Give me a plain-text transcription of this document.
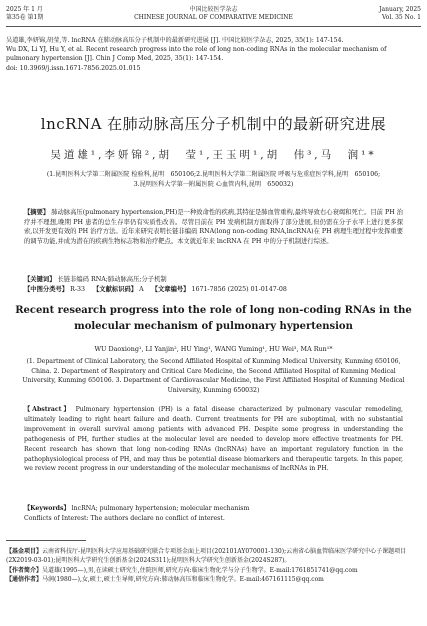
2025 年 1 月
第35卷 第1期
中国比较医学杂志
CHINESE JOURNAL OF COMPARATIVE MEDICINE
January, 2025
Vol. 35 No. 1

吴道雄,李妍锦,胡莹,等. lncRNA 在肺动脉高压分子机制中的最新研究进展 [J]. 中国比较医学杂志, 2025, 35(1): 147-154.

Wu DX, Li YJ, Hu Y, et al. Recent research progress into the role of long non-coding RNAs in the molecular mechanism of pulmonary hypertension [J]. Chin J Comp Med, 2025, 35(1): 147-154.

doi: 10.3969/j.issn.1671-7856.2025.01.015

lncRNA 在肺动脉高压分子机制中的最新研究进展
吴道雄¹,李妍锦²,胡　莹¹,王玉明¹,胡　伟³,马　润¹*
(1.昆明医科大学第二附属医院 检验科,昆明　650106;2.昆明医科大学第二附属医院 呼吸与危重症医学科,昆明　650106;
3.昆明医科大学第一附属医院 心血管内科,昆明　650032)
【摘要】 肺动脉高压(pulmonary hypertension,PH)是一种致命性的疾病,其特征是肺血管重构,最终导致右心衰竭和死亡。目前 PH 治疗并不理想,晚期 PH 患者的总生存率仍有实质性改善。尽管目前在 PH 发病机制方面取得了部分进展,但仍需在分子水平上进行更多探索,以开发更有效的 PH 治疗方法。近年来研究表明长链非编码 RNA(long non-coding RNA,lncRNA)在 PH 病理生理过程中发挥重要的调节功能,并成为潜在的疾病生物标志物和治疗靶点。本文就近年来 lncRNA 在 PH 中的分子机制进行综述。
【关键词】 长链非编码 RNA;肺动脉高压;分子机制
【中图分类号】 R-33 【文献标识码】 A 【文章编号】 1671-7856 (2025) 01-0147-08
Recent research progress into the role of long non-coding RNAs in the molecular mechanism of pulmonary hypertension
WU Daoxiong¹, LI Yanjin², HU Ying¹, WANG Yuming¹, HU Wei³, MA Run¹*
(1. Department of Clinical Laboratory, the Second Affiliated Hospital of Kunming Medical University, Kunming 650106, China. 2. Department of Respiratory and Critical Care Medicine, the Second Affiliated Hospital of Kunming Medical University, Kunming 650106. 3. Department of Cardiovascular Medicine, the First Affiliated Hospital of Kunming Medical University, Kunming 650032)
【Abstract】 Pulmonary hypertension (PH) is a fatal disease characterized by pulmonary vascular remodeling, ultimately leading to right heart failure and death. Current treatments for PH are suboptimal, with no substantial improvement in overall survival among patients with advanced PH. Despite some progress in understanding the pathogenesis of PH, further studies at the molecular level are needed to develop more effective treatments for PH. Recent research has shown that long non-coding RNAs (lncRNAs) have an important regulatory function in the pathophysiological process of PH, and may thus be potential disease biomarkers and therapeutic targets. In this paper, we review recent progress in our understanding of the molecular mechanisms of lncRNAs in PH.
【Keywords】 lncRNA; pulmonary hypertension; molecular mechanism
Conflicts of Interest: The authors declare no conflict of interest.

【基金项目】云南省科技厅-昆明医科大学应用基础研究联合专项基金面上项目(202101AY070001-130);云南省心脑血管临床医学研究中心子课题项目(2X2019-03-01);昆明医科大学研究生创新基金(2024S311);昆明医科大学研究生创新基金(2024S287)。

【作者简介】吴道雄(1995—),男,在读硕士研究生,住院医师,研究方向:临床生物化学与分子生物学。E-mail:1761851741@qq.com

【通信作者】马润(1980—),女,硕士,硕士生导师,研究方向:肺动脉高压和临床生物化学。E-mail:467161115@qq.com
